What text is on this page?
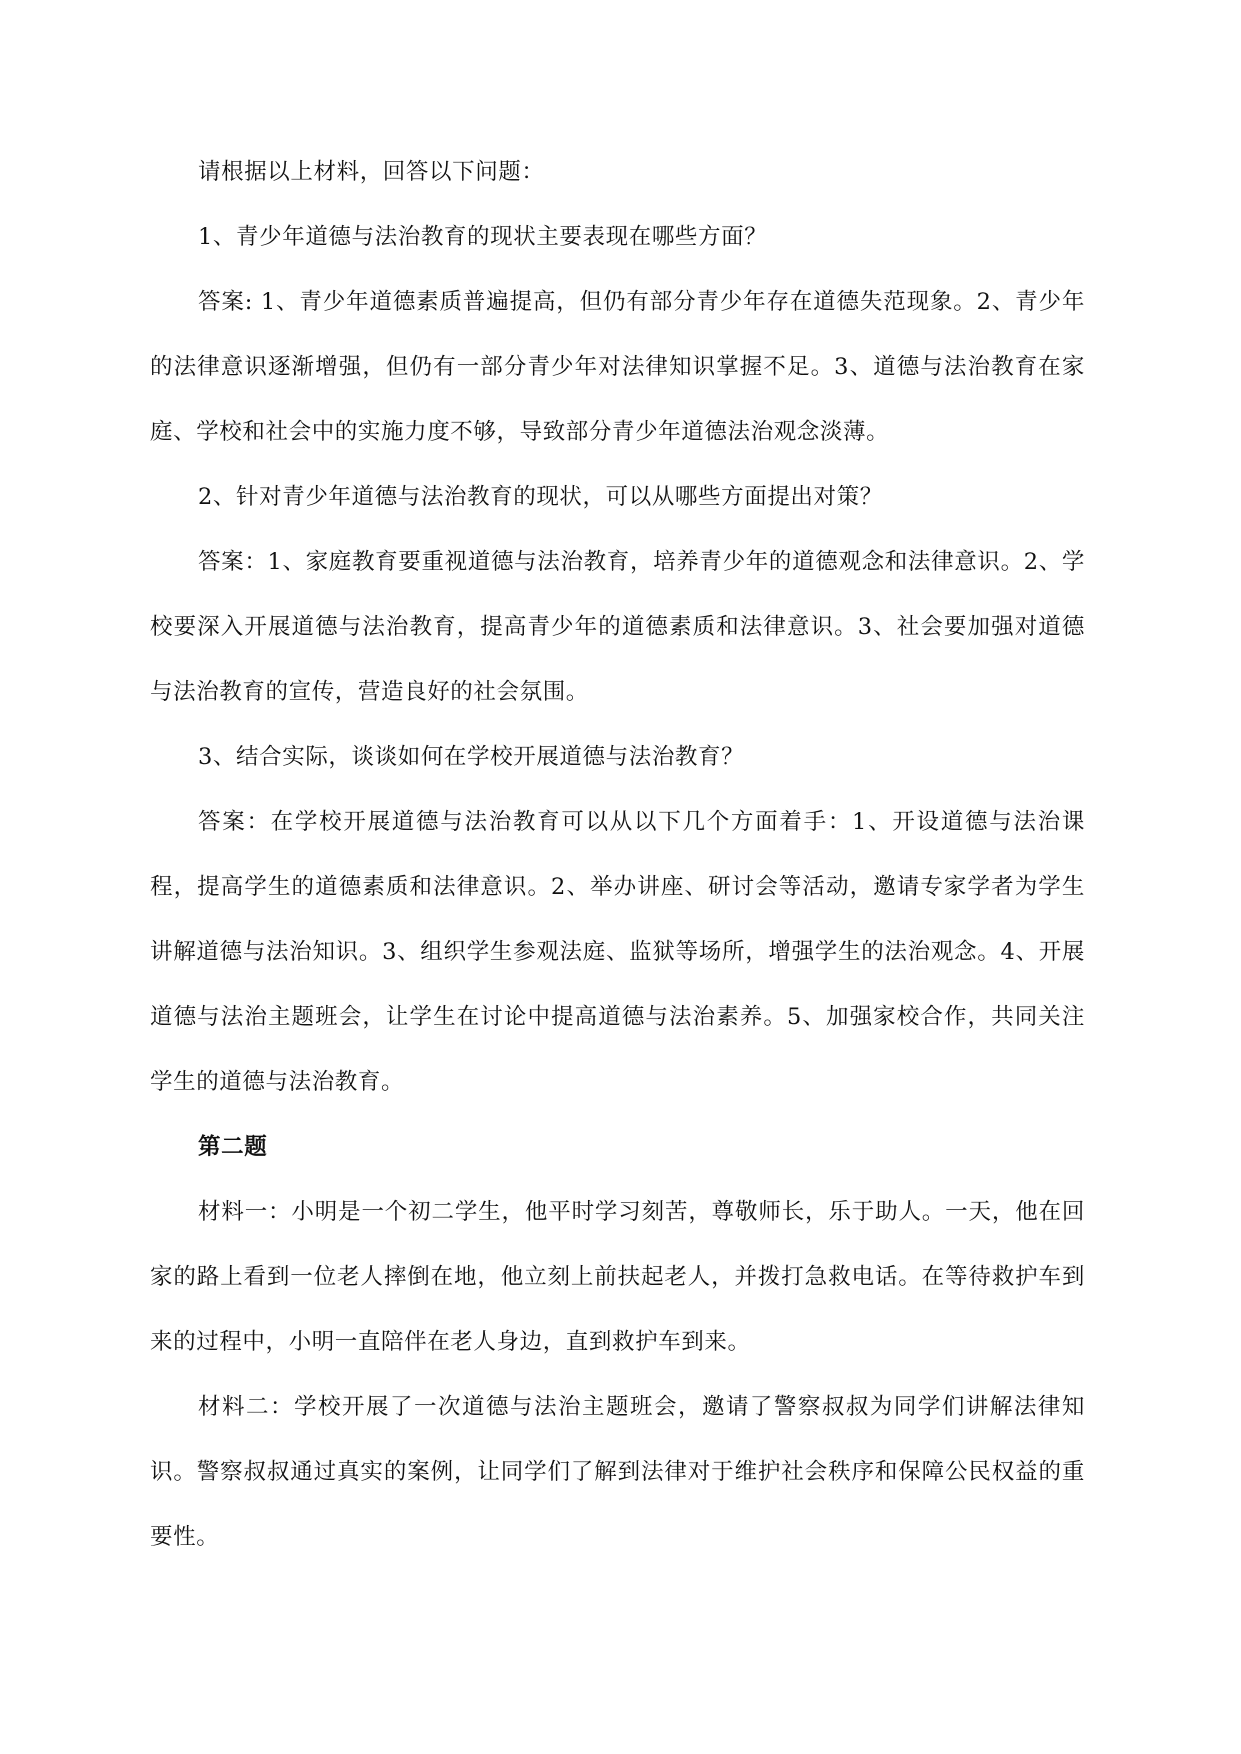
请根据以上材料，回答以下问题：

1、青少年道德与法治教育的现状主要表现在哪些方面？

答案: 1、青少年道德素质普遍提高，但仍有部分青少年存在道德失范现象。2、青少年的法律意识逐渐增强，但仍有一部分青少年对法律知识掌握不足。3、道德与法治教育在家庭、学校和社会中的实施力度不够，导致部分青少年道德法治观念淡薄。

2、针对青少年道德与法治教育的现状，可以从哪些方面提出对策？

答案：1、家庭教育要重视道德与法治教育，培养青少年的道德观念和法律意识。2、学校要深入开展道德与法治教育，提高青少年的道德素质和法律意识。3、社会要加强对道德与法治教育的宣传，营造良好的社会氛围。

3、结合实际，谈谈如何在学校开展道德与法治教育？

答案：在学校开展道德与法治教育可以从以下几个方面着手：1、开设道德与法治课程，提高学生的道德素质和法律意识。2、举办讲座、研讨会等活动，邀请专家学者为学生讲解道德与法治知识。3、组织学生参观法庭、监狱等场所，增强学生的法治观念。4、开展道德与法治主题班会，让学生在讨论中提高道德与法治素养。5、加强家校合作，共同关注学生的道德与法治教育。

第二题

材料一：小明是一个初二学生，他平时学习刻苦，尊敬师长，乐于助人。一天，他在回家的路上看到一位老人摔倒在地，他立刻上前扶起老人，并拨打急救电话。在等待救护车到来的过程中，小明一直陪伴在老人身边，直到救护车到来。

材料二：学校开展了一次道德与法治主题班会，邀请了警察叔叔为同学们讲解法律知识。警察叔叔通过真实的案例，让同学们了解到法律对于维护社会秩序和保障公民权益的重要性。
